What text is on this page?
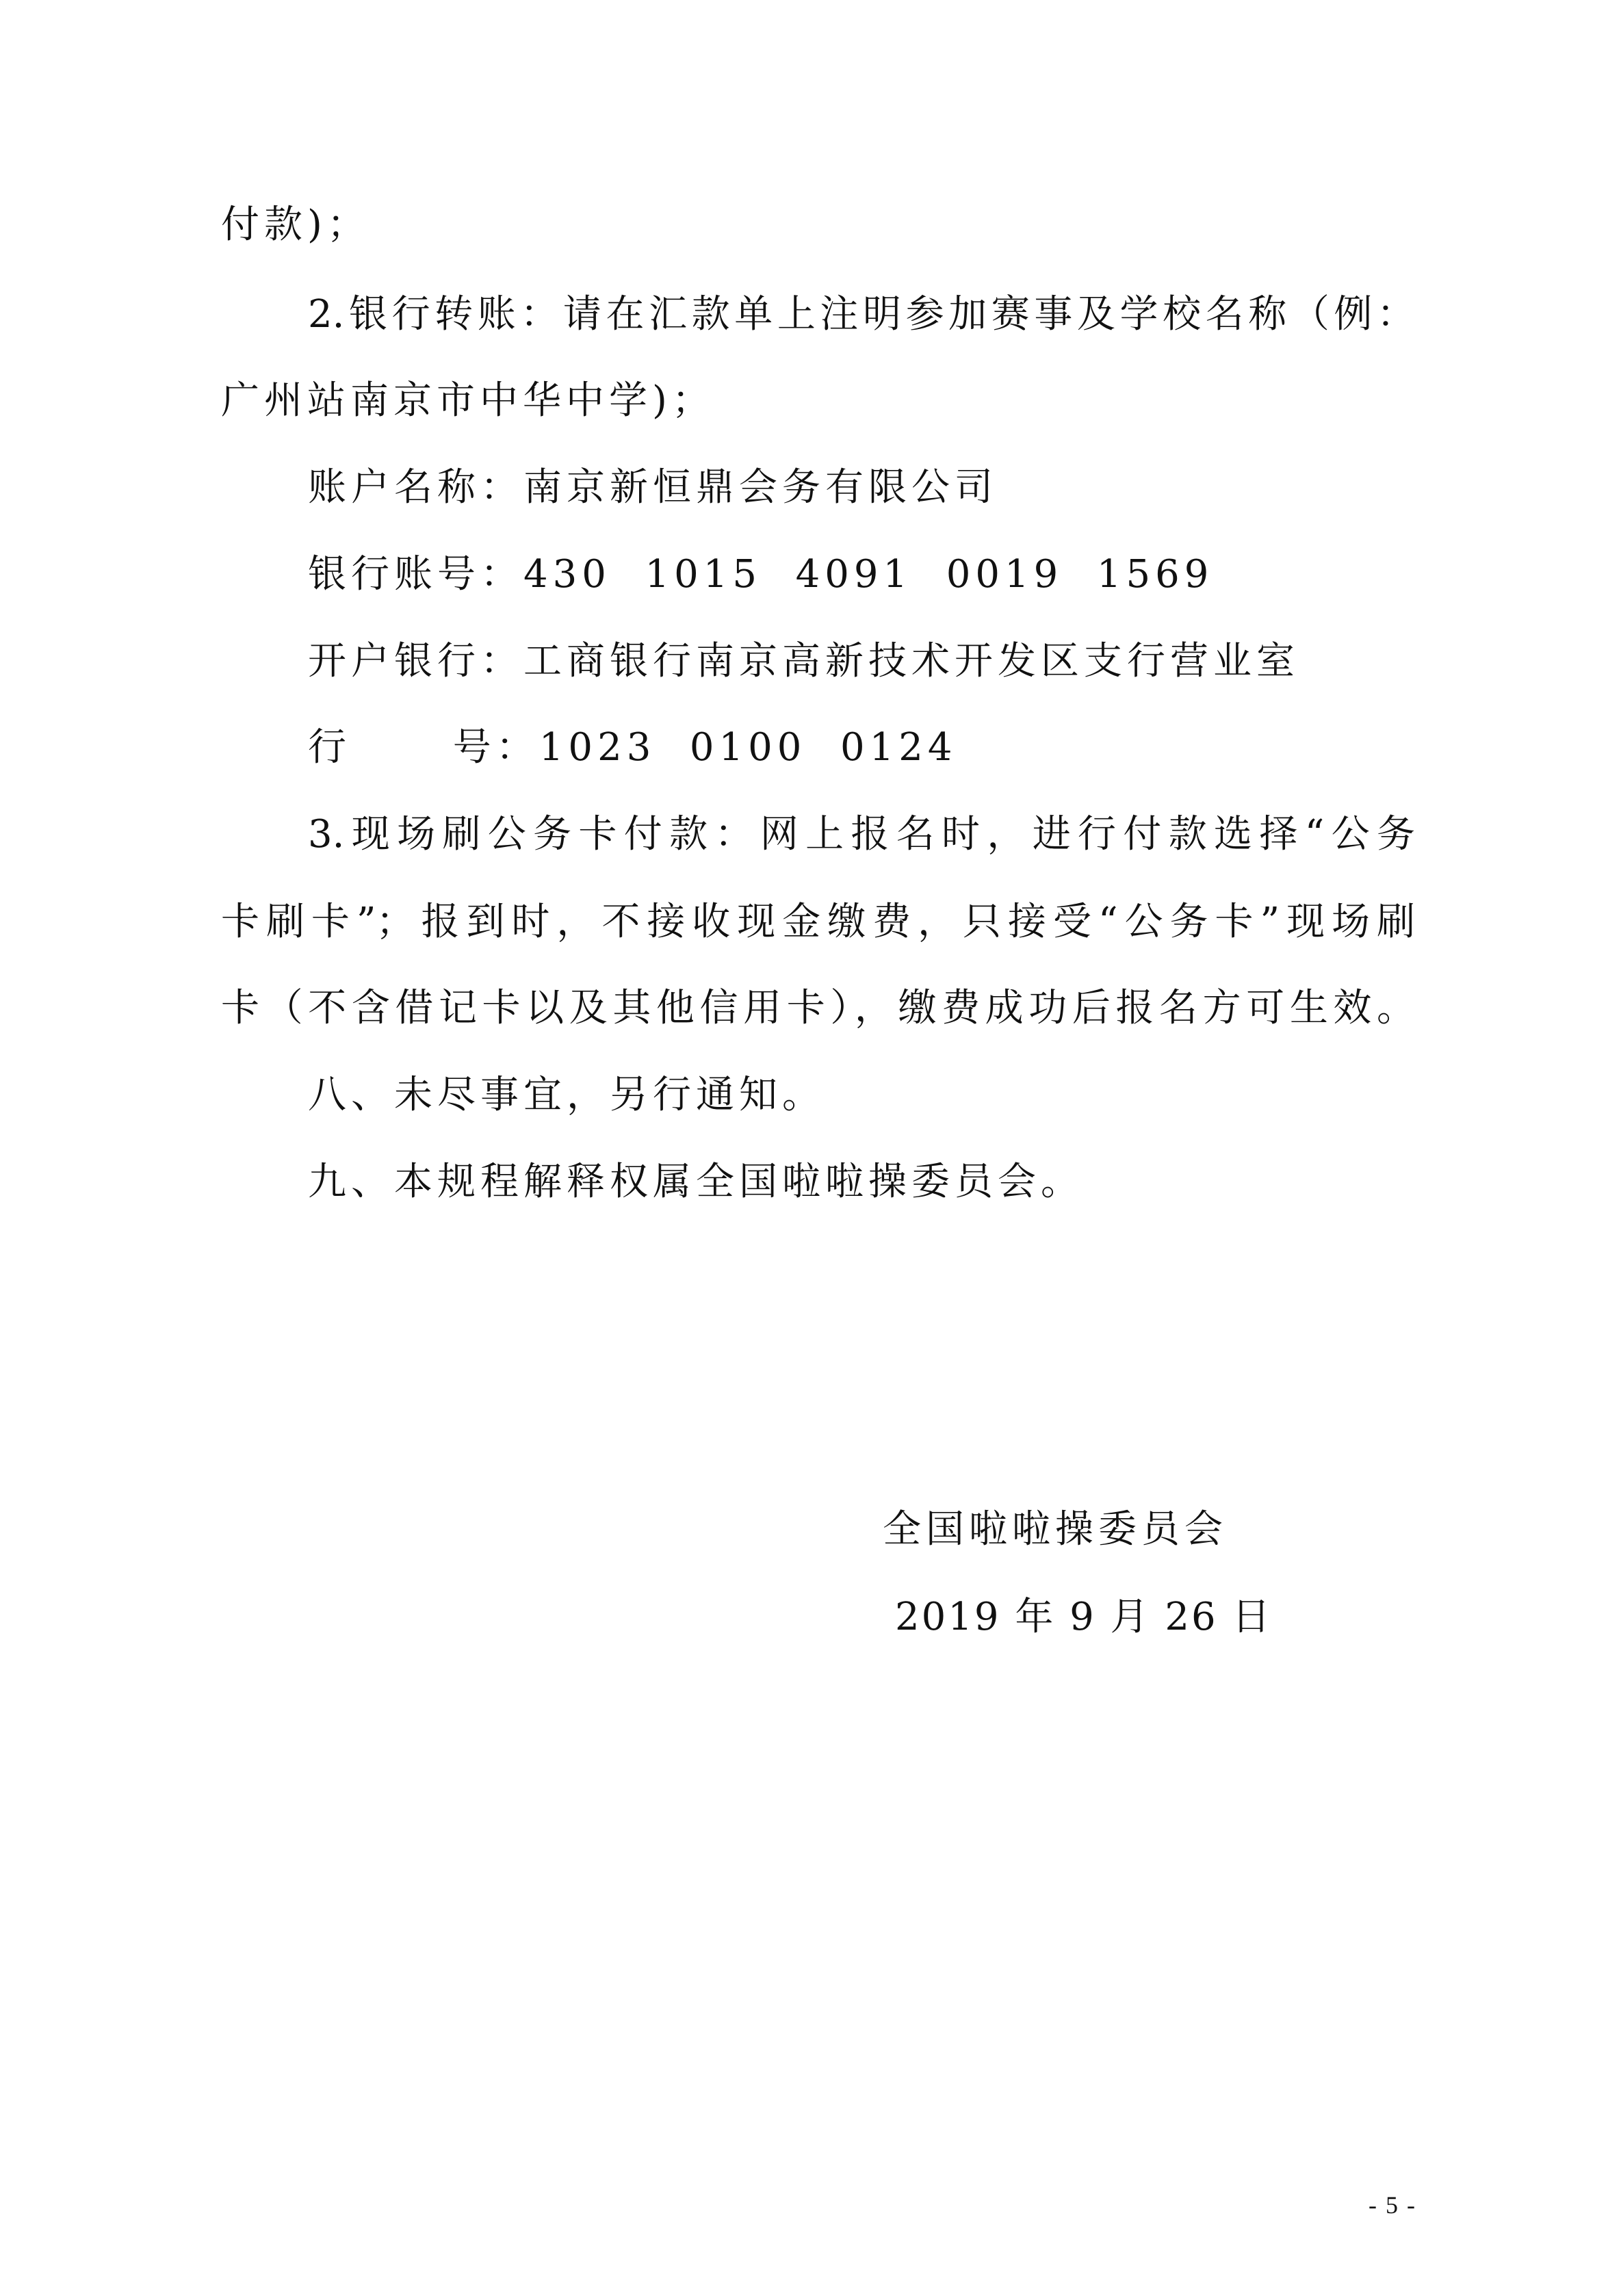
付款)；
2.银行转账：请在汇款单上注明参加赛事及学校名称（例：
广州站南京市中华中学)；
账户名称：南京新恒鼎会务有限公司
银行账号：430  1015  4091  0019  1569
开户银行：工商银行南京高新技术开发区支行营业室
行      号：1023  0100  0124
3.现场刷公务卡付款：网上报名时，进行付款选择“公务
卡刷卡”；报到时，不接收现金缴费，只接受“公务卡”现场刷
卡（不含借记卡以及其他信用卡），缴费成功后报名方可生效。
八、未尽事宜，另行通知。
九、本规程解释权属全国啦啦操委员会。
全国啦啦操委员会
2019 年 9 月 26 日
- 5 -
